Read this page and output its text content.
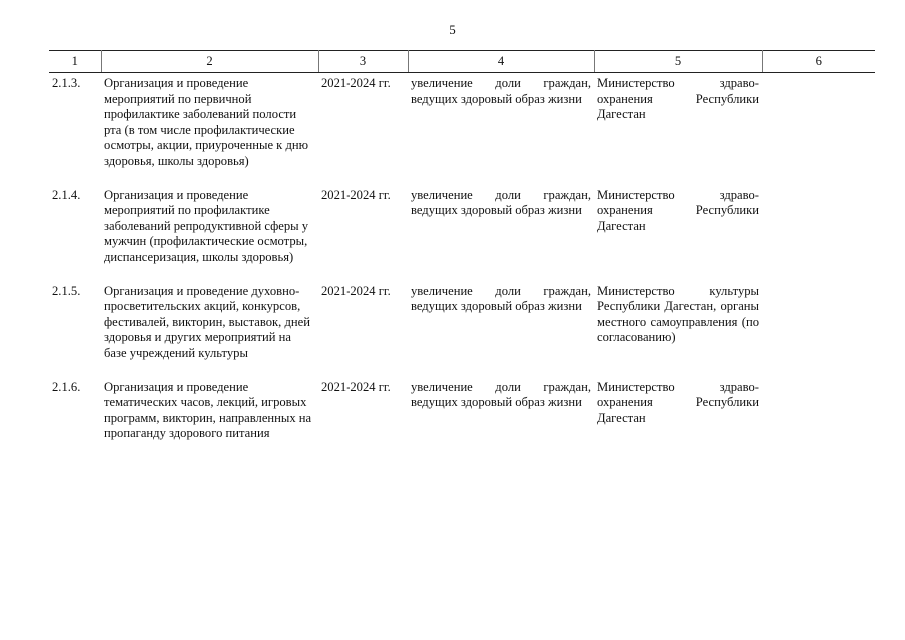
5
1	2	3	4	5	6
2.1.3.	Организация и проведение мероприятий по первичной профилактике заболеваний полости рта (в том числе профилактические осмотры, акции, приуроченные к дню здоровья, школы здоровья)	2021-2024 гг.	увеличение доли граждан, ведущих здоровый образ жизни	Министерство здраво-охранения Республики Дагестан	
2.1.4.	Организация и проведение мероприятий по профилактике заболеваний репродуктивной сферы у мужчин (профилактические осмотры, диспансеризация, школы здоровья)	2021-2024 гг.	увеличение доли граждан, ведущих здоровый образ жизни	Министерство здраво-охранения Республики Дагестан	
2.1.5.	Организация и проведение духовно-просветительских акций, конкурсов, фестивалей, викторин, выставок, дней здоровья и других мероприятий на базе учреждений культуры	2021-2024 гг.	увеличение доли граждан, ведущих здоровый образ жизни	Министерство культуры Республики Дагестан, органы местного самоуправления (по согласованию)	
2.1.6.	Организация и проведение тематических часов, лекций, игровых программ, викторин, направленных на пропаганду здорового питания	2021-2024 гг.	увеличение доли граждан, ведущих здоровый образ жизни	Министерство здраво-охранения Республики Дагестан	
